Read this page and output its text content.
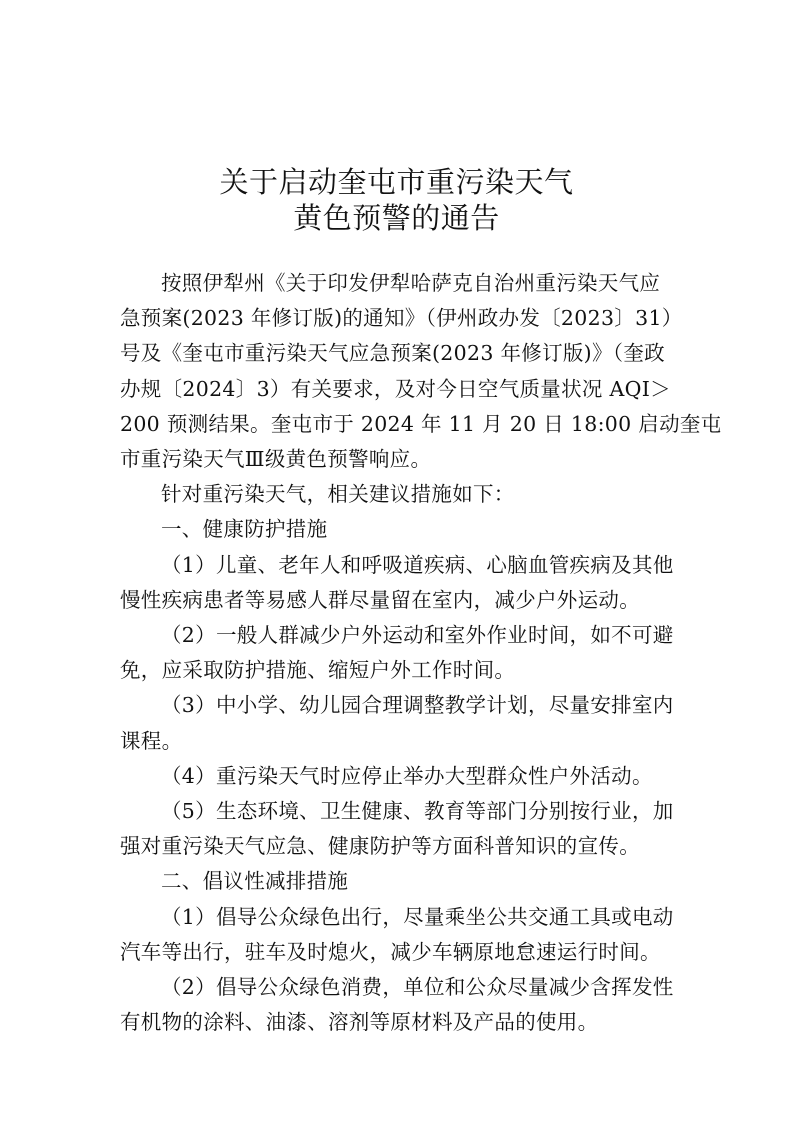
关于启动奎屯市重污染天气
黄色预警的通告
按照伊犁州《关于印发伊犁哈萨克自治州重污染天气应
急预案(2023 年修订版)的通知》（伊州政办发〔2023〕31）
号及《奎屯市重污染天气应急预案(2023 年修订版)》（奎政
办规〔2024〕3）有关要求，及对今日空气质量状况 AQI＞
200 预测结果。奎屯市于 2024 年 11 月 20 日 18:00 启动奎屯
市重污染天气Ⅲ级黄色预警响应。

针对重污染天气，相关建议措施如下：

一、健康防护措施

（1）儿童、老年人和呼吸道疾病、心脑血管疾病及其他
慢性疾病患者等易感人群尽量留在室内，减少户外运动。
（2）一般人群减少户外运动和室外作业时间，如不可避
免，应采取防护措施、缩短户外工作时间。
（3）中小学、幼儿园合理调整教学计划，尽量安排室内
课程。
（4）重污染天气时应停止举办大型群众性户外活动。
（5）生态环境、卫生健康、教育等部门分别按行业，加
强对重污染天气应急、健康防护等方面科普知识的宣传。

二、倡议性减排措施

（1）倡导公众绿色出行，尽量乘坐公共交通工具或电动
汽车等出行，驻车及时熄火，减少车辆原地怠速运行时间。
（2）倡导公众绿色消费，单位和公众尽量减少含挥发性
有机物的涂料、油漆、溶剂等原材料及产品的使用。
